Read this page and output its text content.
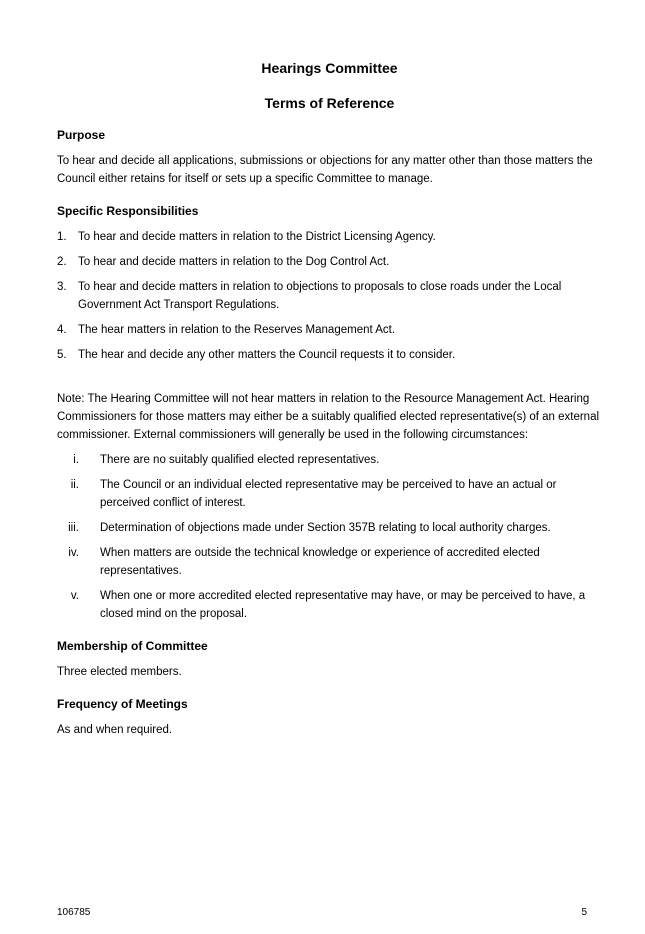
Hearings Committee
Terms of Reference
Purpose

To hear and decide all applications, submissions or objections for any matter other than those matters the Council either retains for itself or sets up a specific Committee to manage.

Specific Responsibilities
1. To hear and decide matters in relation to the District Licensing Agency.
2. To hear and decide matters in relation to the Dog Control Act.
3. To hear and decide matters in relation to objections to proposals to close roads under the Local Government Act Transport Regulations.
4. The hear matters in relation to the Reserves Management Act.
5. The hear and decide any other matters the Council requests it to consider.

Note: The Hearing Committee will not hear matters in relation to the Resource Management Act. Hearing Commissioners for those matters may either be a suitably qualified elected representative(s) of an external commissioner. External commissioners will generally be used in the following circumstances:

i. There are no suitably qualified elected representatives.
ii. The Council or an individual elected representative may be perceived to have an actual or perceived conflict of interest.
iii. Determination of objections made under Section 357B relating to local authority charges.
iv. When matters are outside the technical knowledge or experience of accredited elected representatives.
v. When one or more accredited elected representative may have, or may be perceived to have, a closed mind on the proposal.
Membership of Committee

Three elected members.

Frequency of Meetings

As and when required.

106785	5
